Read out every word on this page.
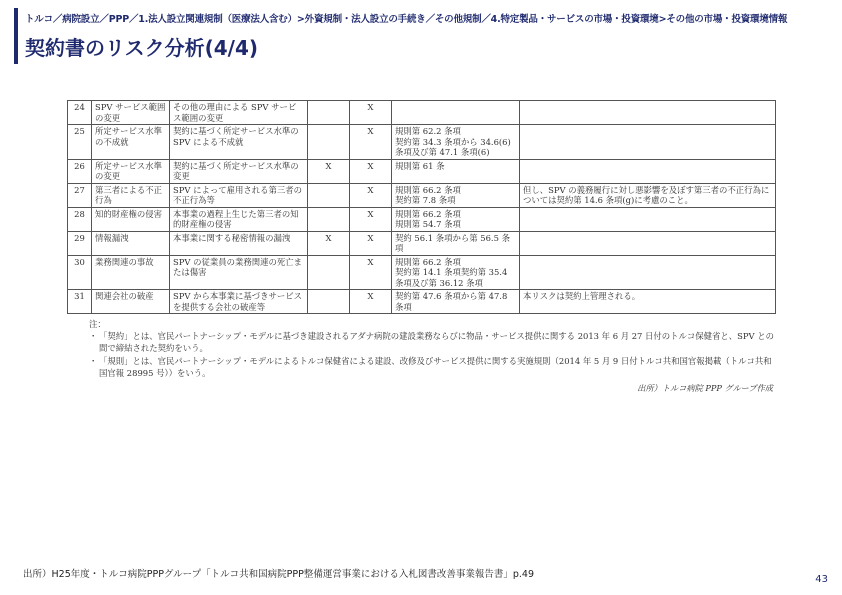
トルコ／病院設立／PPP／1.法人設立関連規制（医療法人含む）>外資規制・法人設立の手続き／その他規制／4.特定製品・サービスの市場・投資環境>その他の市場・投資環境情報
契約書のリスク分析(4/4)
24	SPV サービス範囲の変更	その他の理由による SPV サービス範囲の変更		X		
25	所定サービス水準の不成就	契約に基づく所定サービス水準の SPV による不成就		X	規則第 62.2 条項
契約第 34.3 条項から 34.6(6)条項及び第 47.1 条項(6)	
26	所定サービス水準の変更	契約に基づく所定サービス水準の変更	X	X	規則第 61 条	
27	第三者による不正行為	SPV によって雇用される第三者の不正行為等		X	規則第 66.2 条項
契約第 7.8 条項	但し、SPV の義務履行に対し悪影響を及ぼす第三者の不正行為については契約第 14.6 条項(g)に考慮のこと。
28	知的財産権の侵害	本事業の過程上生じた第三者の知的財産権の侵害		X	規則第 66.2 条項
規則第 54.7 条項	
29	情報漏洩	本事業に関する秘密情報の漏洩	X	X	契約 56.1 条項から第 56.5 条項	
30	業務関連の事故	SPV の従業員の業務関連の死亡または傷害		X	規則第 66.2 条項
契約第 14.1 条項契約第 35.4 条項及び第 36.12 条項	
31	関連会社の破産	SPV から本事業に基づきサービスを提供する会社の破産等		X	契約第 47.6 条項から第 47.8 条項	本リスクは契約上管理される。
注：
・ 「契約」とは、官民パートナーシップ・モデルに基づき建設されるアダナ病院の建設業務ならびに物品・サービス提供に関する 2013 年 6 月 27 日付のトルコ保健省と、SPV との間で締結された契約をいう。
・ 「規則」とは、官民パートナーシップ・モデルによるトルコ保健省による建設、改修及びサービス提供に関する実施規則（2014 年 5 月 9 日付トルコ共和国官報掲載（トルコ共和国官報 28995 号））をいう。
出所）トルコ病院 PPP グループ作成
出所）H25年度・トルコ病院PPPグループ「トルコ共和国病院PPP整備運営事業における入札図書改善事業報告書」p.49	43
